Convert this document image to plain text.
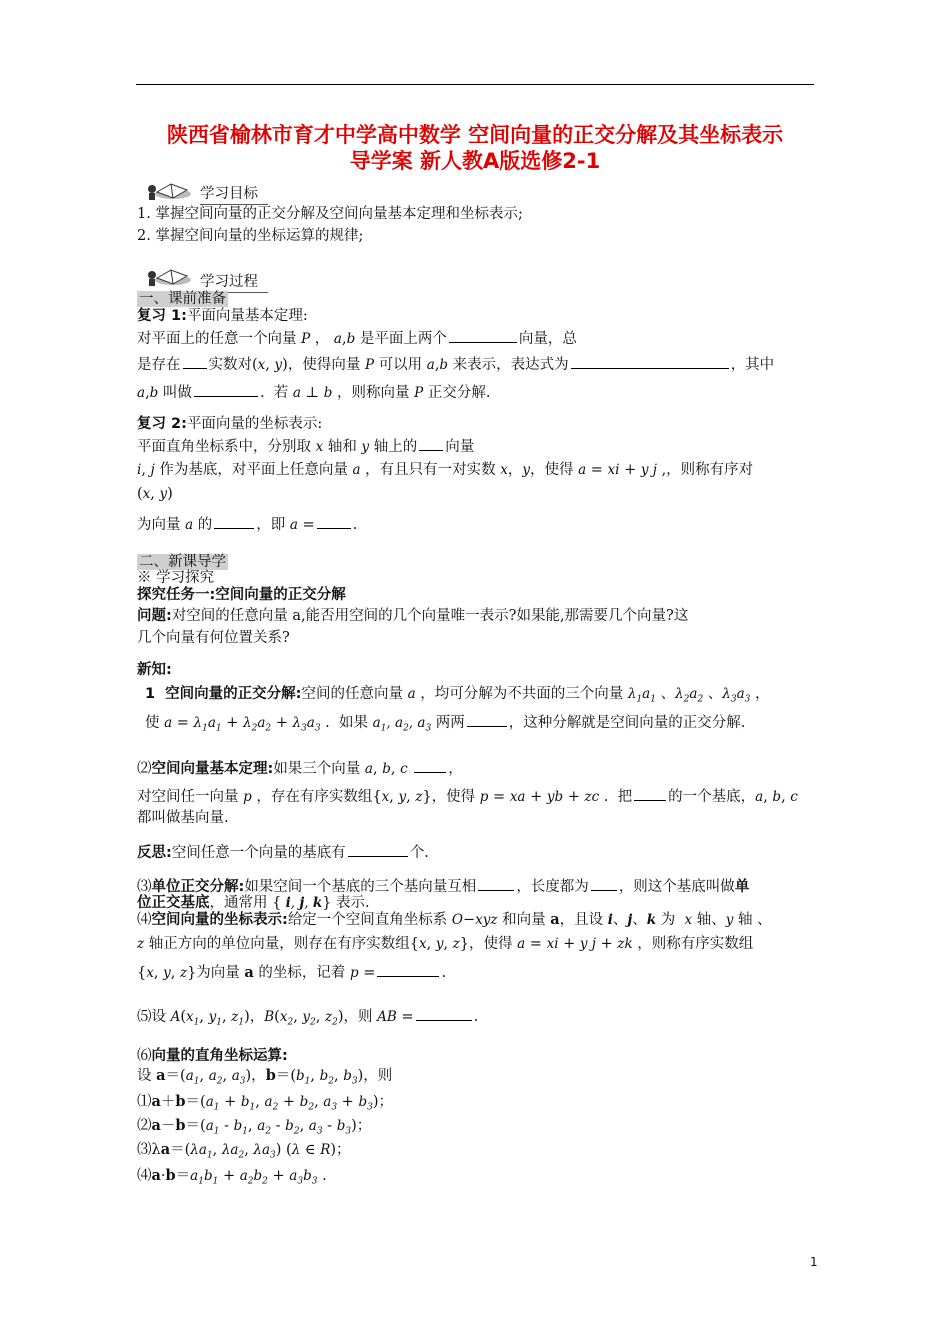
陕西省榆林市育才中学高中数学 空间向量的正交分解及其坐标表示
导学案 新人教A版选修2-1
学习目标
1. 掌握空间向量的正交分解及空间向量基本定理和坐标表示;
2. 掌握空间向量的坐标运算的规律;
学习过程
一、课前准备
复习 1:平面向量基本定理:
对平面上的任意一个向量 P ， a,b 是平面上两个	向量，总
是存在 实数对(x, y)，使得向量 P 可以用 a,b 来表示，表达式为	，其中
a,b 叫做	.  若 a ⊥ b ，则称向量 P 正交分解.
复习 2:平面向量的坐标表示:
平面直角坐标系中，分别取 x 轴和 y 轴上的 向量
i, j 作为基底，对平面上任意向量 a ，有且只有一对实数 x，y，使得 a = xi + y j ,，则称有序对
(x, y)
为向量 a 的	，即 a =	.
二、新课导学
※ 学习探究
探究任务一:空间向量的正交分解
问题:对空间的任意向量 a,能否用空间的几个向量唯一表示?如果能,那需要几个向量?这
几个向量有何位置关系?
新知:
1  空间向量的正交分解:空间的任意向量 a ，均可分解为不共面的三个向量 $\lambda_1a_1$ 、$\lambda_2a_2$ 、$\lambda_3a_3$ ，
使 $a = \lambda_1a_1 + \lambda_2a_2 + \lambda_3a_3$ .  如果 $a_1$, $a_2$, $a_3$ 两两	，这种分解就是空间向量的正交分解.
⑵空间向量基本定理:如果三个向量 a, b, c	，
对空间任一向量 p ，存在有序实数组{x, y, z}，使得 p = xa + yb + zc .  把 的一个基底，a, b, c
都叫做基向量.
反思:空间任意一个向量的基底有	个.
⑶单位正交分解:如果空间一个基底的三个基向量互相	，长度都为 ，则这个基底叫做单
位正交基底，通常用 { i, j, k} 表示.
⑷空间向量的坐标表示:给定一个空间直角坐标系 O−xyz 和向量 a，且设 i、j、k 为  x 轴、y 轴 、
z 轴正方向的单位向量，则存在有序实数组{x, y, z}，使得 a = xi + y j + zk ，则称有序实数组
{x, y, z}为向量 a 的坐标，记着 p =	.
⑸设 $A(x_1$, $y_1$, $z_1$)，$B(x_2$, $y_2$, $z_2$)，则 AB =	.
⑹向量的直角坐标运算:
设 $a=(a_1$, $a_2$, $a_3$)，$b=(b_1$, $b_2$, $b_3$)，则
$⑴a+b=(a_1 + b_1$, $a_2 + b_2$, $a_3 + b_3$)；
$⑵a-b=(a_1 - b_1$, $a_2 - b_2$, $a_3 - b_3$)；
$⑶\lambda a=(\lambda a_1$, $\lambda a_2$, $\lambda a_3$) (λ ∈ R)；
$⑷a\cdot b=a_1b_1 + a_2b_2 + a_3b_3$ .
1
